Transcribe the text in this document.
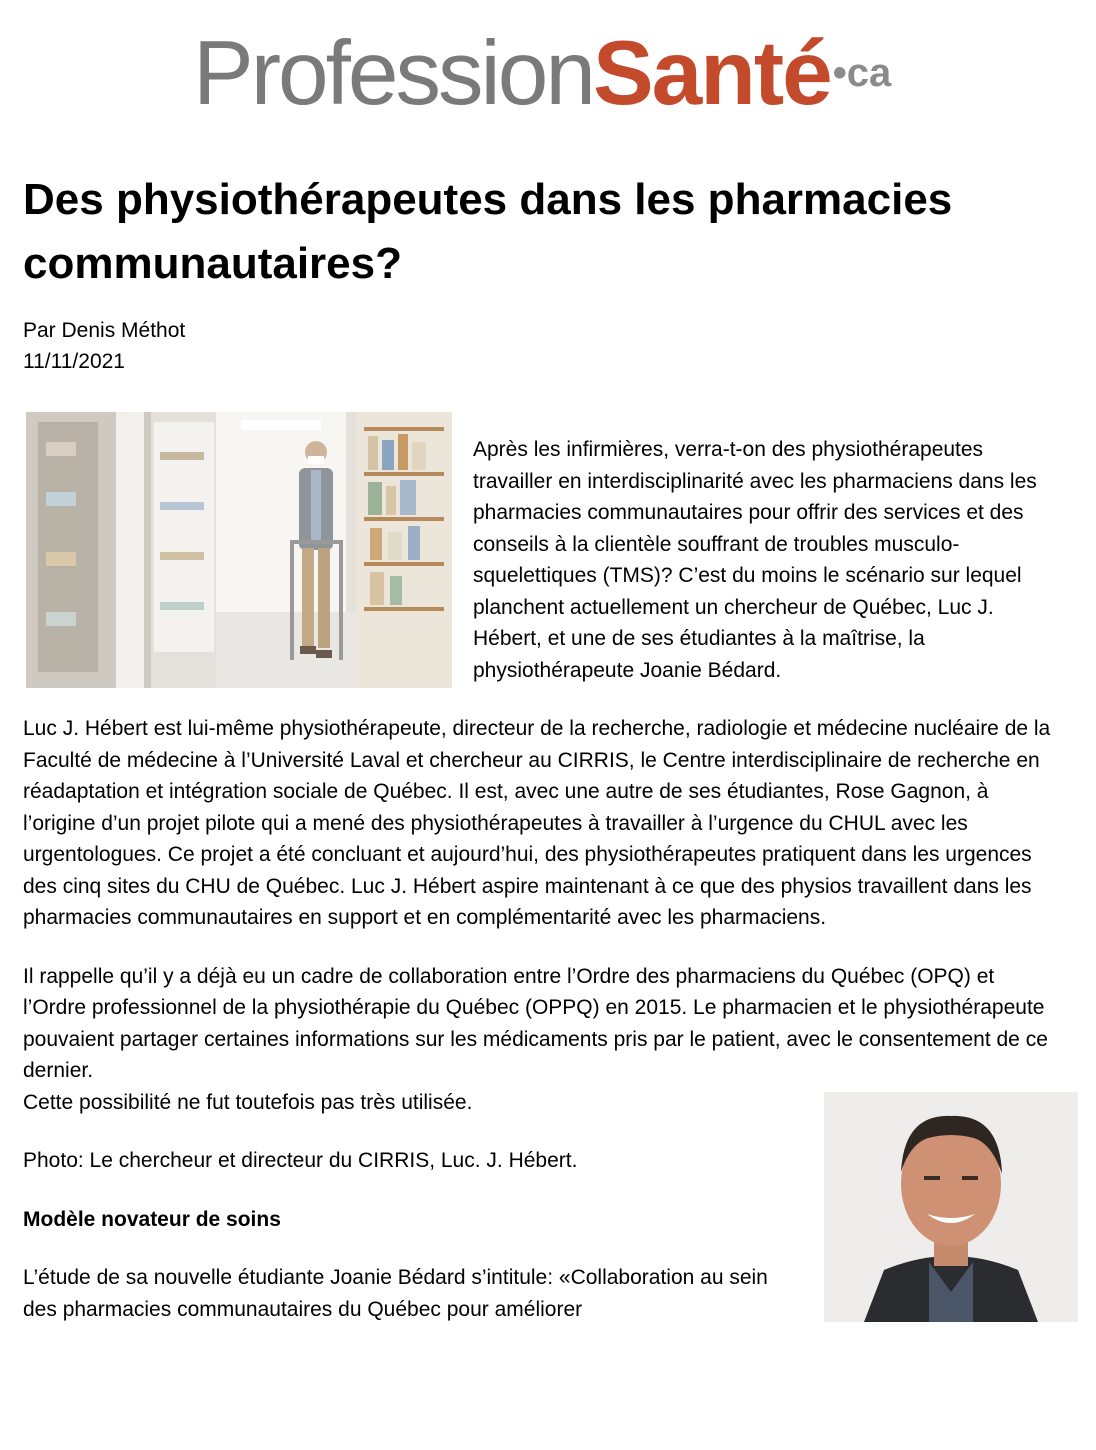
ProfessionSanté•ca
Des physiothérapeutes dans les pharmacies communautaires?
Par Denis Méthot
11/11/2021

Après les infirmières, verra-t-on des physiothérapeutes travailler en interdisciplinarité avec les pharmaciens dans les pharmacies communautaires pour offrir des services et des conseils à la clientèle souffrant de troubles musculo-squelettiques (TMS)? C’est du moins le scénario sur lequel planchent actuellement un chercheur de Québec, Luc J. Hébert, et une de ses étudiantes à la maîtrise, la physiothérapeute Joanie Bédard.

Luc J. Hébert est lui-même physiothérapeute, directeur de la recherche, radiologie et médecine nucléaire de la Faculté de médecine à l’Université Laval et chercheur au CIRRIS, le Centre interdisciplinaire de recherche en réadaptation et intégration sociale de Québec. Il est, avec une autre de ses étudiantes, Rose Gagnon, à l’origine d’un projet pilote qui a mené des physiothérapeutes à travailler à l’urgence du CHUL avec les urgentologues. Ce projet a été concluant et aujourd’hui, des physiothérapeutes pratiquent dans les urgences des cinq sites du CHU de Québec. Luc J. Hébert aspire maintenant à ce que des physios travaillent dans les pharmacies communautaires en support et en complémentarité avec les pharmaciens.

Il rappelle qu’il y a déjà eu un cadre de collaboration entre l’Ordre des pharmaciens du Québec (OPQ) et l’Ordre professionnel de la physiothérapie du Québec (OPPQ) en 2015. Le pharmacien et le physiothérapeute pouvaient partager certaines informations sur les médicaments pris par le patient, avec le consentement de ce dernier.

Cette possibilité ne fut toutefois pas très utilisée.

Photo: Le chercheur et directeur du CIRRIS, Luc. J. Hébert.

Modèle novateur de soins

L’étude de sa nouvelle étudiante Joanie Bédard s’intitule: «Collaboration au sein des pharmacies communautaires du Québec pour améliorer
